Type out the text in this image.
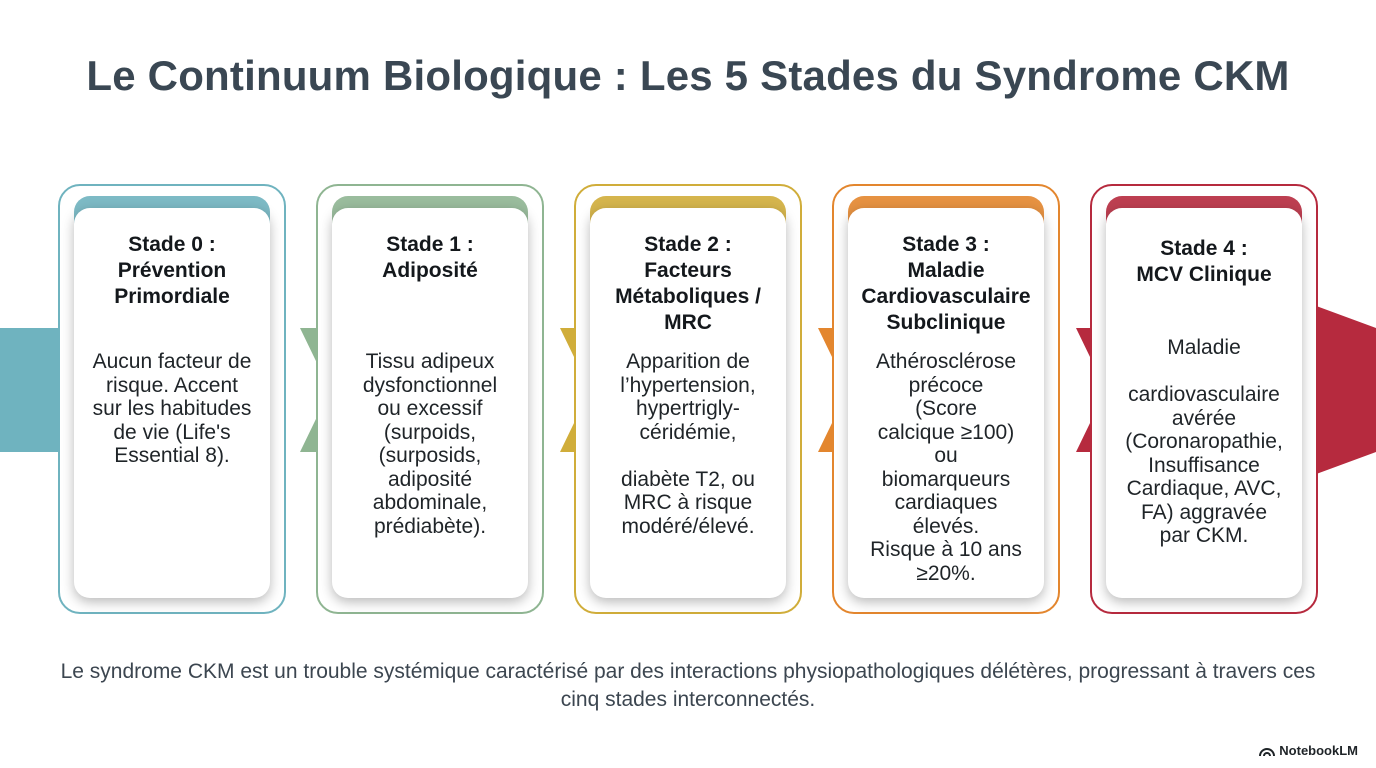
Le Continuum Biologique : Les 5 Stades du Syndrome CKM
Stade 0 :
Prévention
Primordiale
Aucun facteur de
risque. Accent
sur les habitudes
de vie (Life's
Essential 8).
Stade 1 :
Adiposité
Tissu adipeux
dysfonctionnel
ou excessif
(surpoids,
(surposids,
adiposité
abdominale,
prédiabète).
Stade 2 :
Facteurs
Métaboliques /
MRC
Apparition de
l’hypertension,
hypertrigly-
céridémie,

diabète T2, ou
MRC à risque
modéré/élevé.
Stade 3 :
Maladie
Cardiovasculaire
Subclinique
Athérosclérose
précoce
(Score
calcique ≥100)
ou
biomarqueurs
cardiaques
élevés.
Risque à 10 ans
≥20%.
Stade 4 :
MCV Clinique
Maladie

cardiovasculaire
avérée
(Coronaropathie,
Insuffisance
Cardiaque, AVC,
FA) aggravée
par CKM.
›	›	›	›

Le syndrome CKM est un trouble systémique caractérisé par des interactions physiopathologiques délétères, progressant à travers ces cinq stades interconnectés.

NotebookLM
